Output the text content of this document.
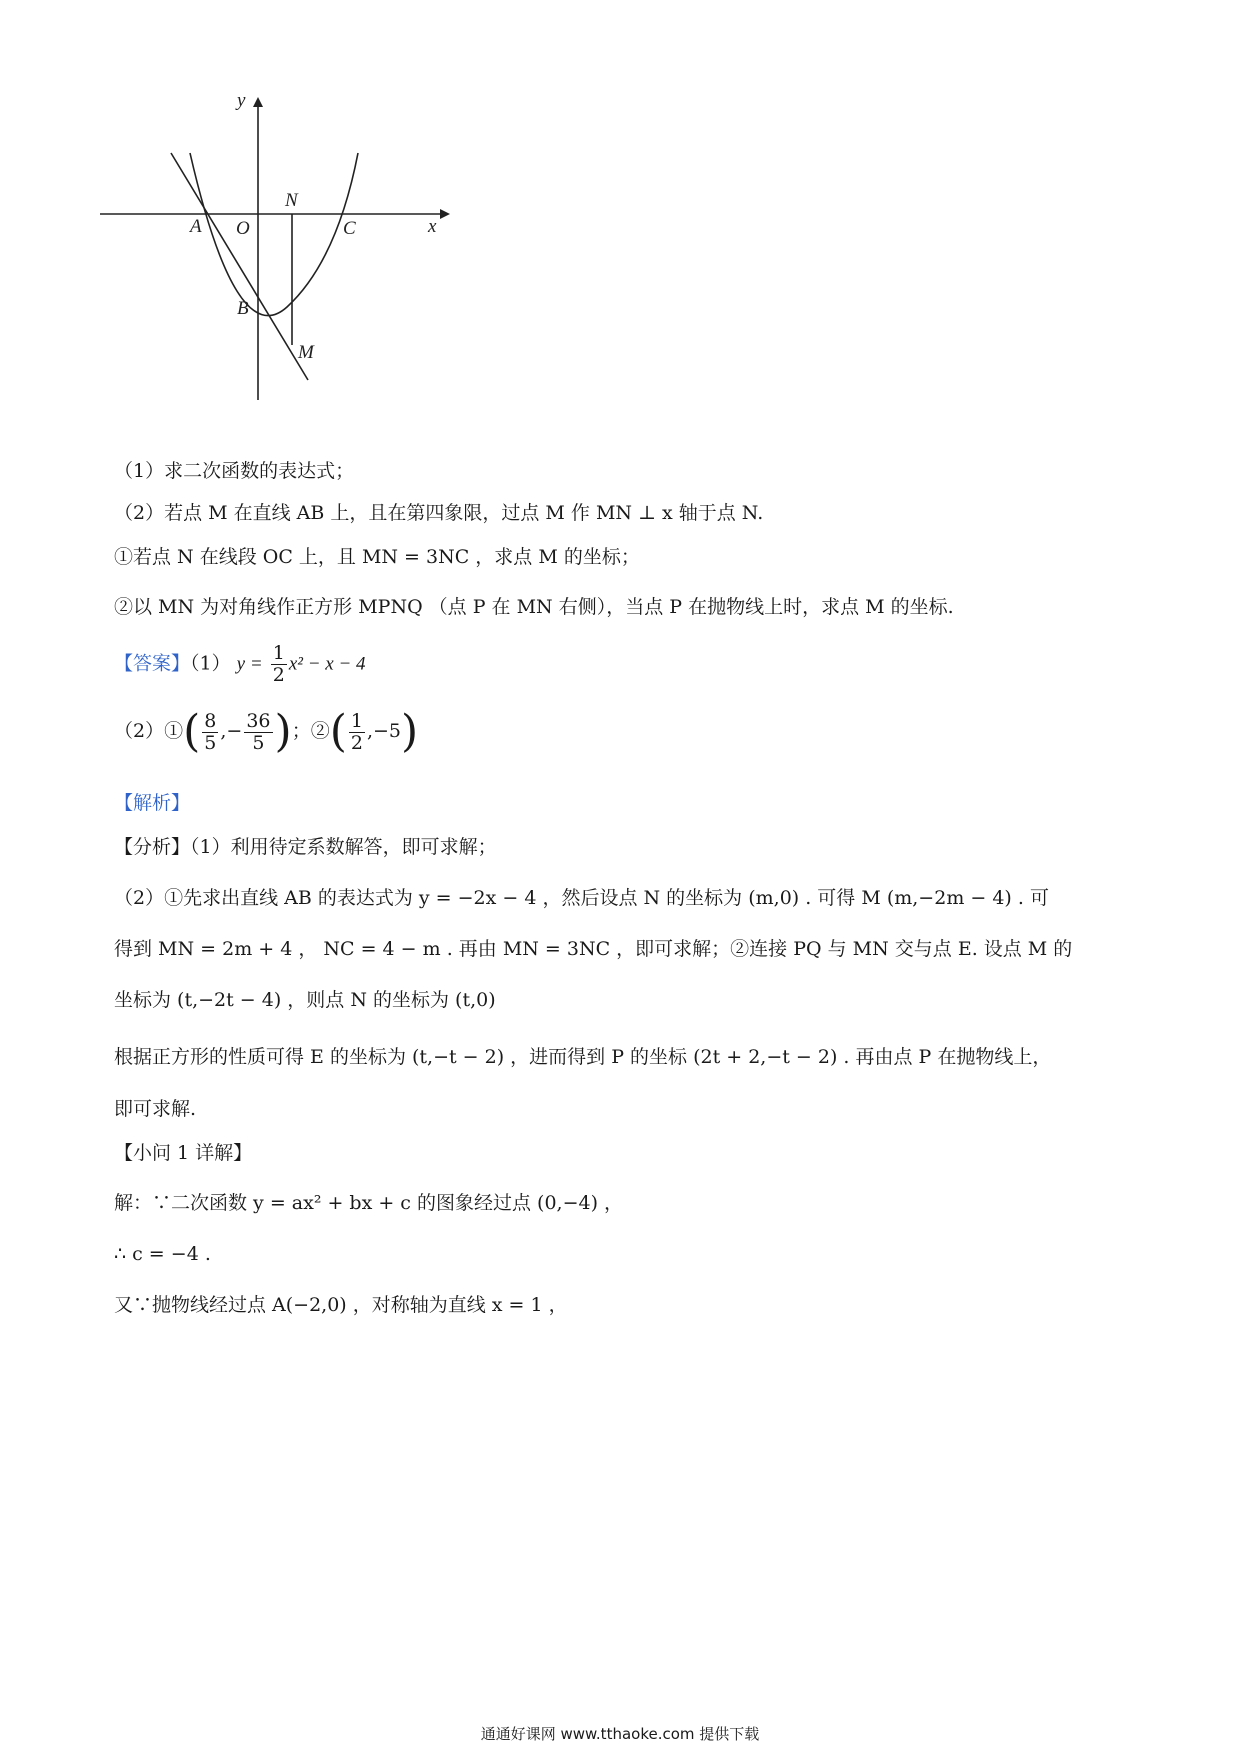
y
x
N
A O	C
B
M
（1）求二次函数的表达式；
（2）若点 M 在直线 AB 上，且在第四象限，过点 M 作 MN ⊥ x 轴于点 N.
①若点 N 在线段 OC 上，且 MN = 3NC ，求点 M 的坐标；
②以 MN 为对角线作正方形 MPNQ （点 P 在 MN 右侧），当点 P 在抛物线上时，求点 M 的坐标.
【答案】（1） $y = \frac{1}{2} x^2 - x - 4$
（2）①( $\frac{8}{5}$ ,− $\frac{36}{5}$ )；②( $\frac{1}{2} ,-5$)
【解析】
【分析】（1）利用待定系数解答，即可求解；
（2）①先求出直线 AB 的表达式为 y = −2x − 4 ，然后设点 N 的坐标为 (m,0) . 可得 M (m,−2m − 4) . 可
得到 MN = 2m + 4 ， NC = 4 − m . 再由 MN = 3NC ，即可求解；②连接 PQ 与 MN 交与点 E. 设点 M 的
坐标为 (t,−2t − 4) ，则点 N 的坐标为 (t,0)
根据正方形的性质可得 E 的坐标为 (t,−t − 2) ，进而得到 P 的坐标 (2t + 2,−t − 2) . 再由点 P 在抛物线上，
即可求解.
【小问 1 详解】
解：∵二次函数 y = ax² + bx + c 的图象经过点 (0,−4) ，
∴ c = −4 .
又∵抛物线经过点 A(−2,0) ，对称轴为直线 x = 1 ，
通通好课网 www.tthaoke.com 提供下载
